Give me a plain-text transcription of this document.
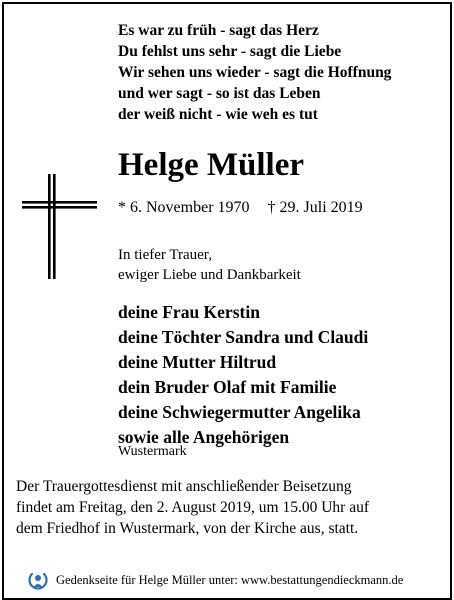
Es war zu früh - sagt das Herz
Du fehlst uns sehr - sagt die Liebe
Wir sehen uns wieder - sagt die Hoffnung
und wer sagt - so ist das Leben
der weiß nicht - wie weh es tut
Helge Müller
* 6. November 1970 † 29. Juli 2019
In tiefer Trauer,
ewiger Liebe und Dankbarkeit
deine Frau Kerstin
deine Töchter Sandra und Claudi
deine Mutter Hiltrud
dein Bruder Olaf mit Familie
deine Schwiegermutter Angelika
sowie alle Angehörigen
Wustermark
Der Trauergottesdienst mit anschließender Beisetzung
findet am Freitag, den 2. August 2019, um 15.00 Uhr auf
dem Friedhof in Wustermark, von der Kirche aus, statt.
Gedenkseite für Helge Müller unter: www.bestattungendieckmann.de
